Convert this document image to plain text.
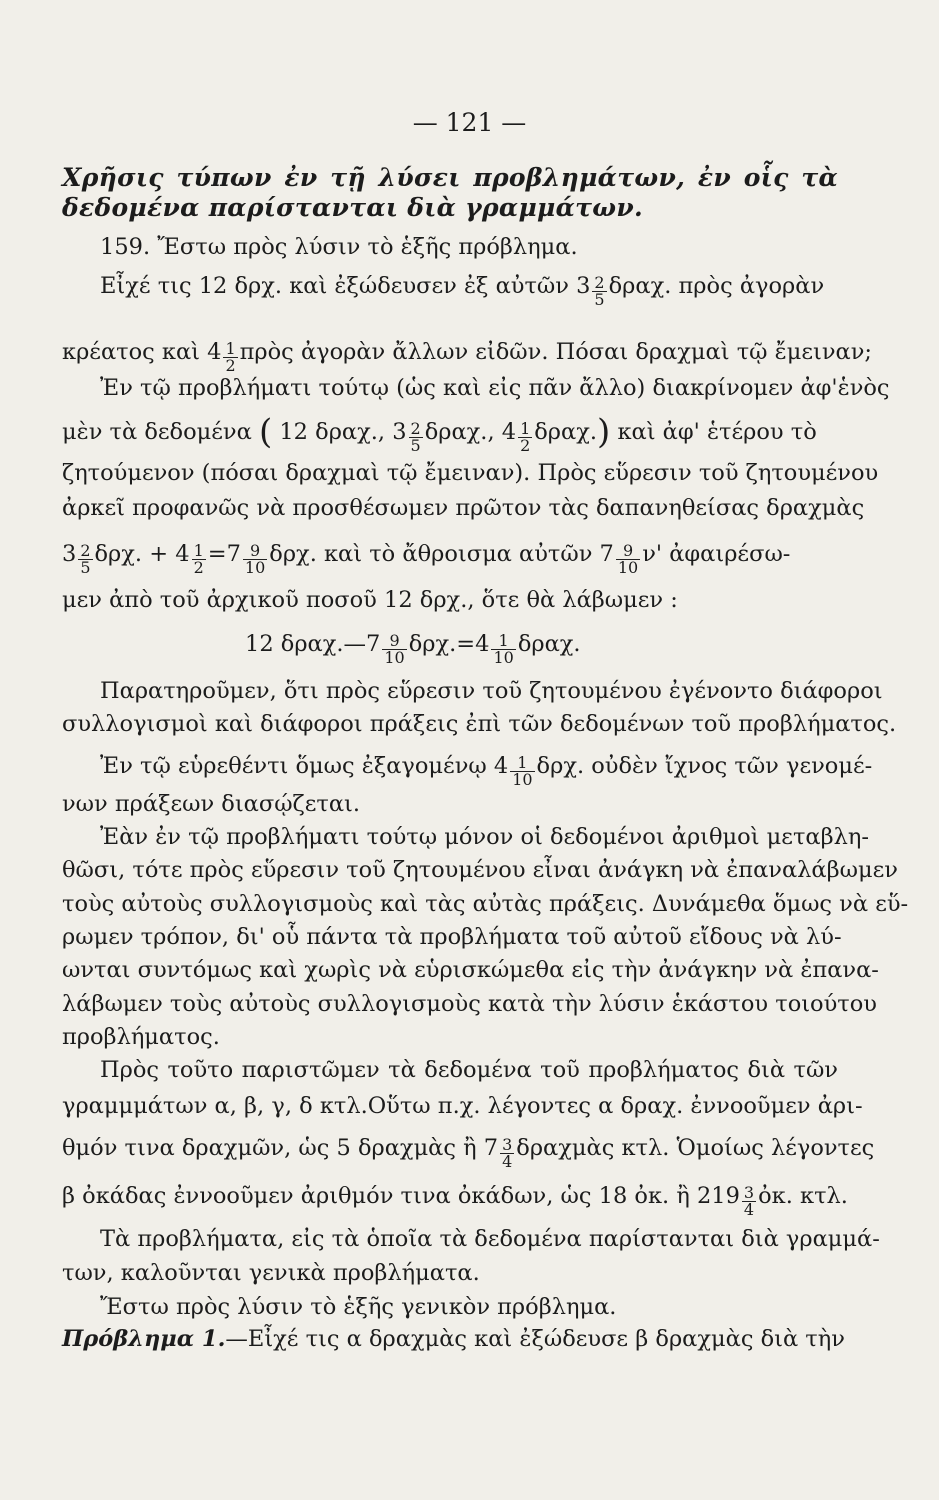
— 121 —
Χρῆσις τύπων ἐν τῇ λύσει προβλημάτων, ἐν οἷς τὰ
δεδομένα παρίστανται διὰ γραμμάτων.
159. Ἔστω πρὸς λύσιν τὸ ἑξῆς πρόβλημα.
Εἶχέ τις 12 δρχ. καὶ ἐξώδευσεν ἐξ αὐτῶν $3 \frac{2}{5} \delta\rho\alpha\chi$. πρὸς ἀγορὰν
κρέατος καὶ $4 \frac{1}{2}$ πρὸς ἀγορὰν ἄλλων εἰδῶν. Πόσαι δραχμαὶ τῷ ἔμειναν;
Ἐν τῷ προβλήματι τούτῳ (ὡς καὶ εἰς πᾶν ἄλλο) διακρίνομεν ἀφ'ἑνὸς
μὲν τὰ δεδομένα ( 12 δραχ., $3 \frac{2}{5} \delta\rho\alpha\chi$., $4 \frac{1}{2} \delta\rho\alpha\chi$.) καὶ ἀφ' ἑτέρου τὸ
ζητούμενον (πόσαι δραχμαὶ τῷ ἔμειναν). Πρὸς εὕρεσιν τοῦ ζητουμένου
ἀρκεῖ προφανῶς νὰ προσθέσωμεν πρῶτον τὰς δαπανηθείσας δραχμὰς
$3 \frac{2}{5} \delta\rho\chi$. + $4 \frac{1}{2} =7 \frac{9}{10} \delta\rho\chi$. καὶ τὸ ἄθροισμα αὐτῶν $7 \frac{9}{10} \nu'$ ἀφαιρέσω-
μεν ἀπὸ τοῦ ἀρχικοῦ ποσοῦ 12 δρχ., ὅτε θὰ λάβωμεν :
12 δραχ.—7 $\frac{9}{10} \delta\rho\chi.=4 \frac{1}{10} \delta\rho\alpha\chi$.
Παρατηροῦμεν, ὅτι πρὸς εὕρεσιν τοῦ ζητουμένου ἐγένοντο διάφοροι
συλλογισμοὶ καὶ διάφοροι πράξεις ἐπὶ τῶν δεδομένων τοῦ προβλήματος.
Ἐν τῷ εὑρεθέντι ὅμως ἐξαγομένῳ $4 \frac{1}{10} \delta\rho\chi$. οὐδὲν ἴχνος τῶν γενομέ-
νων πράξεων διασῴζεται.
Ἐὰν ἐν τῷ προβλήματι τούτῳ μόνον οἱ δεδομένοι ἀριθμοὶ μεταβλη-
θῶσι, τότε πρὸς εὕρεσιν τοῦ ζητουμένου εἶναι ἀνάγκη νὰ ἐπαναλάβωμεν
τοὺς αὐτοὺς συλλογισμοὺς καὶ τὰς αὐτὰς πράξεις. Δυνάμεθα ὅμως νὰ εὕ-
ρωμεν τρόπον, δι' οὗ πάντα τὰ προβλήματα τοῦ αὐτοῦ εἴδους νὰ λύ-
ωνται συντόμως καὶ χωρὶς νὰ εὑρισκώμεθα εἰς τὴν ἀνάγκην νὰ ἐπανα-
λάβωμεν τοὺς αὐτοὺς συλλογισμοὺς κατὰ τὴν λύσιν ἑκάστου τοιούτου
προβλήματος.
Πρὸς τοῦτο παριστῶμεν τὰ δεδομένα τοῦ προβλήματος διὰ τῶν
γραμμμάτων α, β, γ, δ κτλ.Οὕτω π.χ. λέγοντες α δραχ. ἐννοοῦμεν ἀρι-
θμόν τινα δραχμῶν, ὡς 5 δραχμὰς ἢ $7 \frac{3}{4}$ δραχμὰς κτλ. Ὁμοίως λέγοντες
β ὀκάδας ἐννοοῦμεν ἀριθμόν τινα ὀκάδων, ὡς 18 ὀκ. ἢ $219 \frac{3}{4}$ ὀκ. κτλ.
Τὰ προβλήματα, εἰς τὰ ὁποῖα τὰ δεδομένα παρίστανται διὰ γραμμά-
των, καλοῦνται γενικὰ προβλήματα.
Ἔστω πρὸς λύσιν τὸ ἑξῆς γενικὸν πρόβλημα.
Πρόβλημα 1.—Εἶχέ τις α δραχμὰς καὶ ἐξώδευσε β δραχμὰς διὰ τὴν
